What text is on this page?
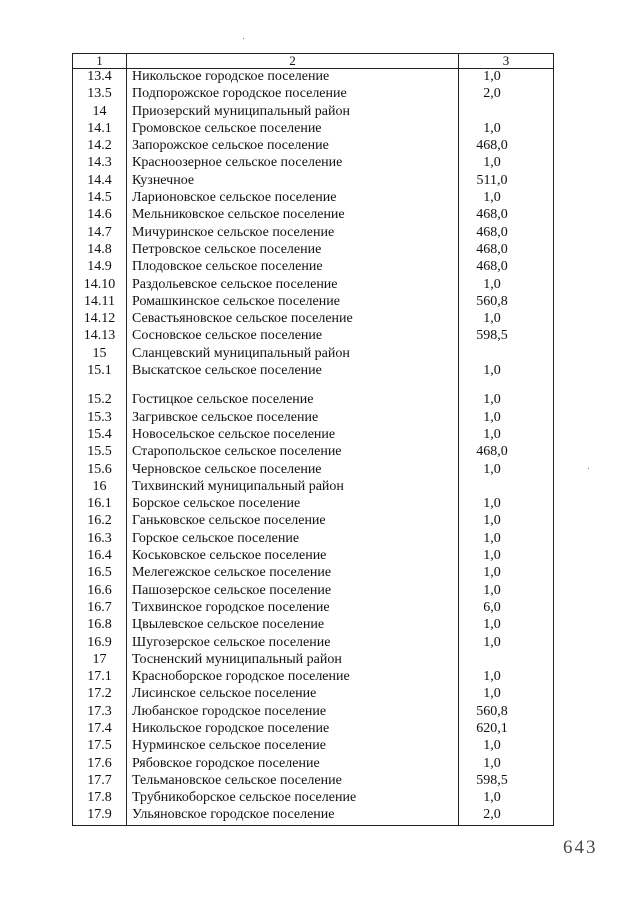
1	2	3
13.4	Никольское городское поселение	1,0
13.5	Подпорожское городское поселение	2,0
14	Приозерский муниципальный район	
14.1	Громовское сельское поселение	1,0
14.2	Запорожское сельское поселение	468,0
14.3	Красноозерное сельское поселение	1,0
14.4	Кузнечное	511,0
14.5	Ларионовское сельское поселение	1,0
14.6	Мельниковское сельское поселение	468,0
14.7	Мичуринское сельское поселение	468,0
14.8	Петровское сельское поселение	468,0
14.9	Плодовское сельское поселение	468,0
14.10	Раздольевское сельское поселение	1,0
14.11	Ромашкинское сельское поселение	560,8
14.12	Севастьяновское сельское поселение	1,0
14.13	Сосновское сельское поселение	598,5
15	Сланцевский муниципальный район	
15.1	Выскатское сельское поселение	1,0

15.2	Гостицкое сельское поселение	1,0
15.3	Загривское сельское поселение	1,0
15.4	Новосельское сельское поселение	1,0
15.5	Старопольское сельское поселение	468,0
15.6	Черновское сельское поселение	1,0
16	Тихвинский муниципальный район	
16.1	Борское сельское поселение	1,0
16.2	Ганьковское сельское поселение	1,0
16.3	Горское сельское поселение	1,0
16.4	Коськовское сельское поселение	1,0
16.5	Мелегежское сельское поселение	1,0
16.6	Пашозерское сельское поселение	1,0
16.7	Тихвинское городское поселение	6,0
16.8	Цвылевское сельское поселение	1,0
16.9	Шугозерское сельское поселение	1,0
17	Тосненский муниципальный район	
17.1	Красноборское городское поселение	1,0
17.2	Лисинское сельское поселение	1,0
17.3	Любанское городское поселение	560,8
17.4	Никольское городское поселение	620,1
17.5	Нурминское сельское поселение	1,0
17.6	Рябовское городское поселение	1,0
17.7	Тельмановское сельское поселение	598,5
17.8	Трубникоборское сельское поселение	1,0
17.9	Ульяновское городское поселение	2,0
643
